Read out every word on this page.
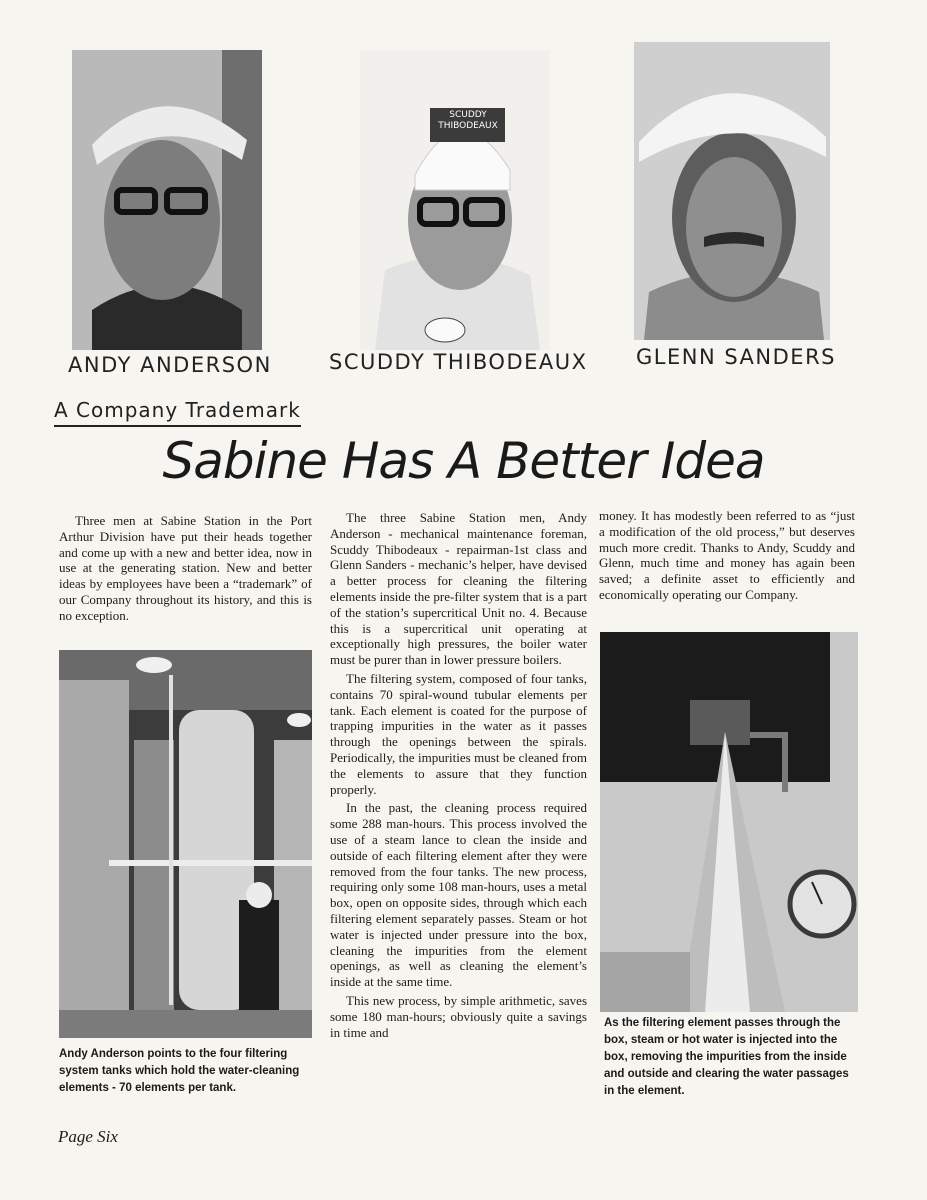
ANDY ANDERSON
SCUDDY THIBODEAUX
SCUDDY THIBODEAUX GLENN SANDERS
A Company Trademark
Sabine Has A Better Idea

Three men at Sabine Station in the Port Arthur Division have put their heads together and come up with a new and better idea, now in use at the generating station. New and better ideas by employees have been a “trademark” of our Company throughout its history, and this is no exception.

Andy Anderson points to the four filtering system tanks which hold the water-cleaning elements - 70 elements per tank.

The three Sabine Station men, Andy Anderson - mechanical maintenance foreman, Scuddy Thibodeaux - repairman-1st class and Glenn Sanders - mechanic’s helper, have devised a better process for cleaning the filtering elements inside the pre-filter system that is a part of the station’s supercritical Unit no. 4. Because this is a supercritical unit operating at exceptionally high pressures, the boiler water must be purer than in lower pressure boilers.

The filtering system, composed of four tanks, contains 70 spiral-wound tubular elements per tank. Each element is coated for the purpose of trapping impurities in the water as it passes through the openings between the spirals. Periodically, the impurities must be cleaned from the elements to assure that they function properly.

In the past, the cleaning process required some 288 man-hours. This process involved the use of a steam lance to clean the inside and outside of each filtering element after they were removed from the four tanks. The new process, requiring only some 108 man-hours, uses a metal box, open on opposite sides, through which each filtering element separately passes. Steam or hot water is injected under pressure into the box, cleaning the impurities from the element openings, as well as cleaning the element’s inside at the same time.

This new process, by simple arithmetic, saves some 180 man-hours; obviously quite a savings in time and

money. It has modestly been referred to as “just a modification of the old process,” but deserves much more credit. Thanks to Andy, Scuddy and Glenn, much time and money has again been saved; a definite asset to efficiently and economically operating our Company.

As the filtering element passes through the box, steam or hot water is injected into the box, removing the impurities from the inside and outside and clearing the water passages in the element.
Page Six
